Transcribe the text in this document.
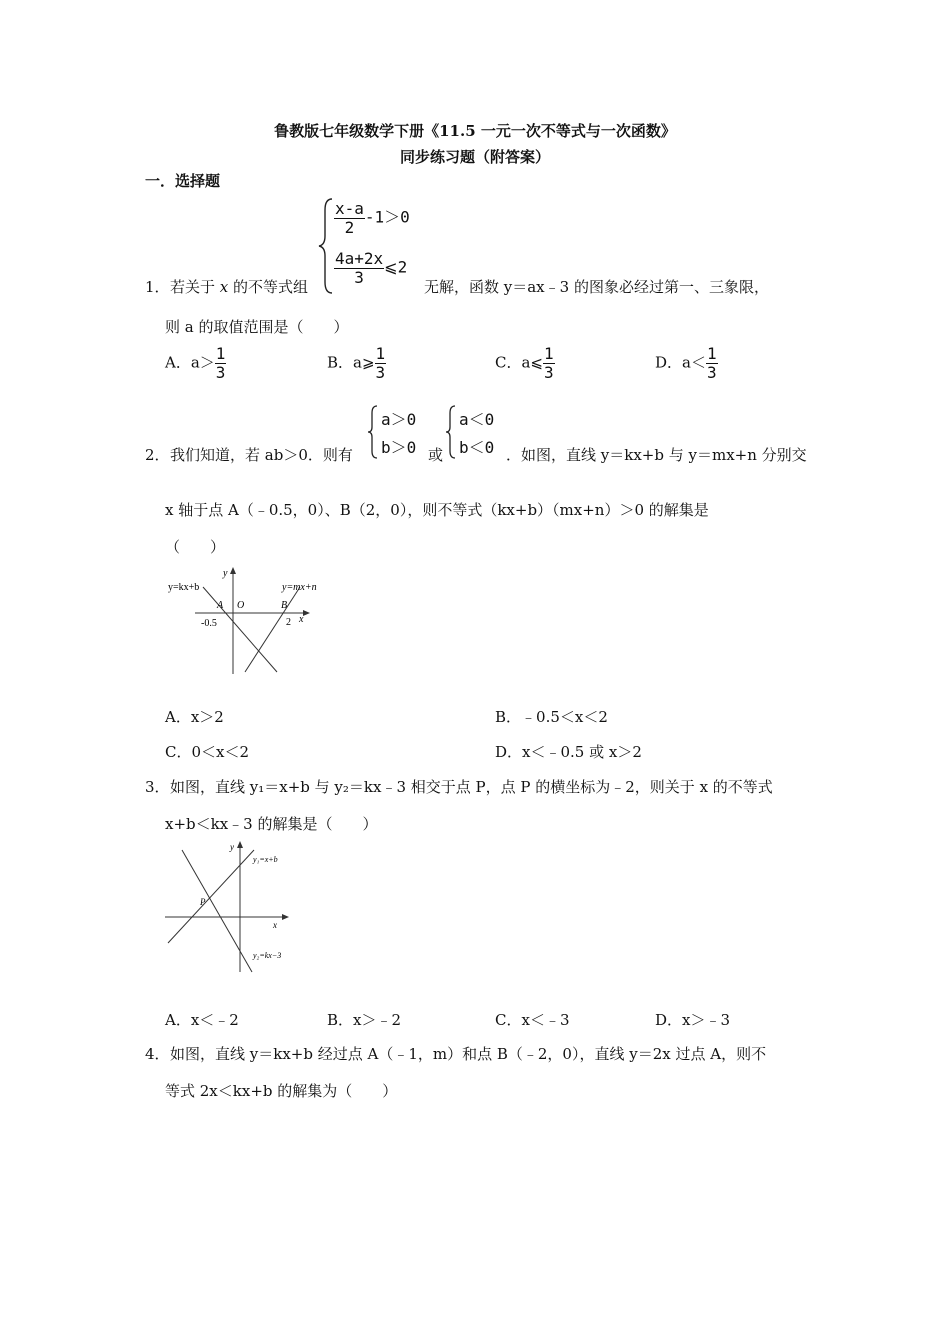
鲁教版七年级数学下册《11.5 一元一次不等式与一次函数》
同步练习题（附答案）
一．选择题
1． 若关于 x 的不等式组
$\frac{x-a}{2} -1>0$
$\frac{4a+2x}{3}$ ⩽2
无解，函数 y＝ax﹣3 的图象必经过第一、三象限，
则 a 的取值范围是（　　）
A．$a> \frac{1}{3}$	B．a⩾ $\frac{1}{3}$	C．a⩽ $\frac{1}{3}$	D．$a< \frac{1}{3}$
2． 我们知道，若 ab＞0．则有
a＞0
b＞0 或
a＜0
b＜0 ．如图，直线 y＝kx+b 与 y＝mx+n 分别交
x 轴于点 A（﹣0.5，0）、B（2，0），则不等式（kx+b）（mx+n）＞0 的解集是
（　　）
y=kx+b	y=mx+n
y
x
A O	B
-0.5	2
A．x＞2	B．﹣0.5＜x＜2
C．0＜x＜2	D．x＜﹣0.5 或 x＞2
3． 如图，直线 y₁＝x+b 与 y₂＝kx﹣3 相交于点 P，点 P 的横坐标为﹣2，则关于 x 的不等式
x+b＜kx﹣3 的解集是（　　）
y
x
P
y₁=x+b
y₂=kx−3
A．x＜﹣2	B．x＞﹣2	C．x＜﹣3	D．x＞﹣3
4． 如图，直线 y＝kx+b 经过点 A（﹣1，m）和点 B（﹣2，0），直线 y＝2x 过点 A，则不
等式 2x＜kx+b 的解集为（　　）
